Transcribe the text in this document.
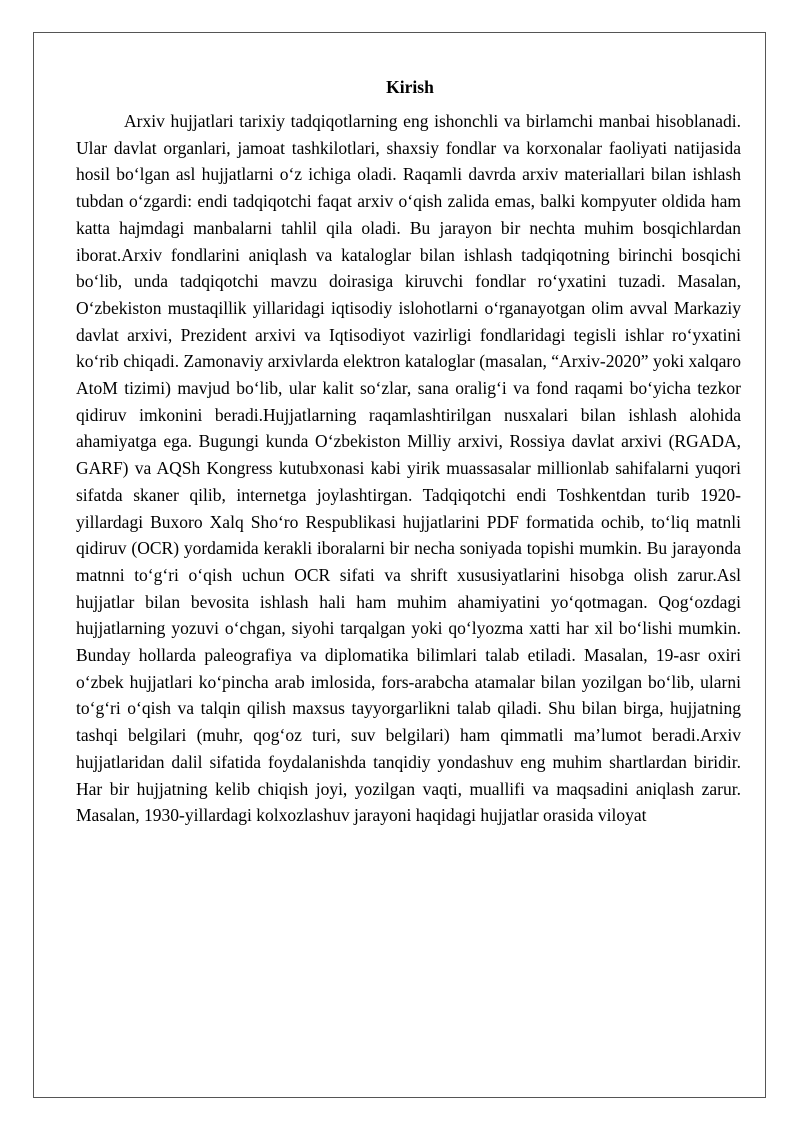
Kirish

Arxiv hujjatlari tarixiy tadqiqotlarning eng ishonchli va birlamchi manbai hisoblanadi. Ular davlat organlari, jamoat tashkilotlari, shaxsiy fondlar va korxonalar faoliyati natijasida hosil bo‘lgan asl hujjatlarni o‘z ichiga oladi. Raqamli davrda arxiv materiallari bilan ishlash tubdan o‘zgardi: endi tadqiqotchi faqat arxiv o‘qish zalida emas, balki kompyuter oldida ham katta hajmdagi manbalarni tahlil qila oladi. Bu jarayon bir nechta muhim bosqichlardan iborat.Arxiv fondlarini aniqlash va kataloglar bilan ishlash tadqiqotning birinchi bosqichi bo‘lib, unda tadqiqotchi mavzu doirasiga kiruvchi fondlar ro‘yxatini tuzadi. Masalan, O‘zbekiston mustaqillik yillaridagi iqtisodiy islohotlarni o‘rganayotgan olim avval Markaziy davlat arxivi, Prezident arxivi va Iqtisodiyot vazirligi fondlaridagi tegisli ishlar ro‘yxatini ko‘rib chiqadi. Zamonaviy arxivlarda elektron kataloglar (masalan, “Arxiv-2020” yoki xalqaro AtoM tizimi) mavjud bo‘lib, ular kalit so‘zlar, sana oralig‘i va fond raqami bo‘yicha tezkor qidiruv imkonini beradi.Hujjatlarning raqamlashtirilgan nusxalari bilan ishlash alohida ahamiyatga ega. Bugungi kunda O‘zbekiston Milliy arxivi, Rossiya davlat arxivi (RGADA, GARF) va AQSh Kongress kutubxonasi kabi yirik muassasalar millionlab sahifalarni yuqori sifatda skaner qilib, internetga joylashtirgan. Tadqiqotchi endi Toshkentdan turib 1920-yillardagi Buxoro Xalq Sho‘ro Respublikasi hujjatlarini PDF formatida ochib, to‘liq matnli qidiruv (OCR) yordamida kerakli iboralarni bir necha soniyada topishi mumkin. Bu jarayonda matnni to‘g‘ri o‘qish uchun OCR sifati va shrift xususiyatlarini hisobga olish zarur.Asl hujjatlar bilan bevosita ishlash hali ham muhim ahamiyatini yo‘qotmagan. Qog‘ozdagi hujjatlarning yozuvi o‘chgan, siyohi tarqalgan yoki qo‘lyozma xatti har xil bo‘lishi mumkin. Bunday hollarda paleografiya va diplomatika bilimlari talab etiladi. Masalan, 19-asr oxiri o‘zbek hujjatlari ko‘pincha arab imlosida, fors-arabcha atamalar bilan yozilgan bo‘lib, ularni to‘g‘ri o‘qish va talqin qilish maxsus tayyorgarlikni talab qiladi. Shu bilan birga, hujjatning tashqi belgilari (muhr, qog‘oz turi, suv belgilari) ham qimmatli ma’lumot beradi.Arxiv hujjatlaridan dalil sifatida foydalanishda tanqidiy yondashuv eng muhim shartlardan biridir. Har bir hujjatning kelib chiqish joyi, yozilgan vaqti, muallifi va maqsadini aniqlash zarur. Masalan, 1930-yillardagi kolxozlashuv jarayoni haqidagi hujjatlar orasida viloyat
